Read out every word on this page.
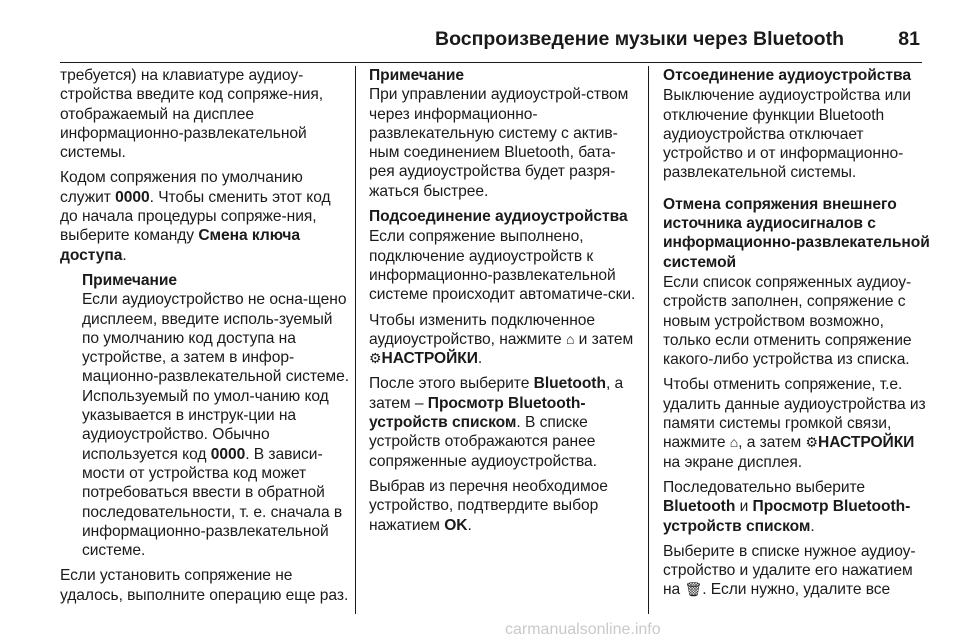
Воспроизведение музыки через Bluetooth	81

требуется) на клавиатуре аудиоу-стройства введите код сопряже-ния, отображаемый на дисплее информационно-развлекательной системы.

Кодом сопряжения по умолчанию служит 0000. Чтобы сменить этот код до начала процедуры сопряже-ния, выберите команду Смена ключа доступа.

Примечание
Если аудиоустройство не осна-щено дисплеем, введите исполь-зуемый по умолчанию код доступа на устройстве, а затем в инфор-мационно-развлекательной системе. Используемый по умол-чанию код указывается в инструк-ции на аудиоустройство. Обычно используется код 0000. В зависи-мости от устройства код может потребоваться ввести в обратной последовательности, т. е. сначала в информационно-развлекательной системе.

Если установить сопряжение не удалось, выполните операцию еще раз.

Примечание
При управлении аудиоустрой-ством через информационно-развлекательную систему с актив-ным соединением Bluetooth, бата-рея аудиоустройства будет разря-жаться быстрее.
Подсоединение аудиоустройства

Если сопряжение выполнено, подключение аудиоустройств к информационно-развлекательной системе происходит автоматиче-ски.

Чтобы изменить подключенное аудиоустройство, нажмите ⌂ и затем ⚙НАСТРОЙКИ.

После этого выберите Bluetooth, а затем – Просмотр Bluetooth-устройств списком. В списке устройств отображаются ранее сопряженные аудиоустройства.

Выбрав из перечня необходимое устройство, подтвердите выбор нажатием OK.

Отсоединение аудиоустройства

Выключение аудиоустройства или отключение функции Bluetooth аудиоустройства отключает устройство и от информационно-развлекательной системы.

Отмена сопряжения внешнего источника аудиосигналов с информационно-развлекательной системой

Если список сопряженных аудиоу-стройств заполнен, сопряжение с новым устройством возможно, только если отменить сопряжение какого-либо устройства из списка.

Чтобы отменить сопряжение, т.е. удалить данные аудиоустройства из памяти системы громкой связи, нажмите ⌂, а затем ⚙НАСТРОЙКИ на экране дисплея.

Последовательно выберите Bluetooth и Просмотр Bluetooth-устройств списком.

Выберите в списке нужное аудиоу-стройство и удалите его нажатием на 🗑. Если нужно, удалите все

carmanualsonline.info
